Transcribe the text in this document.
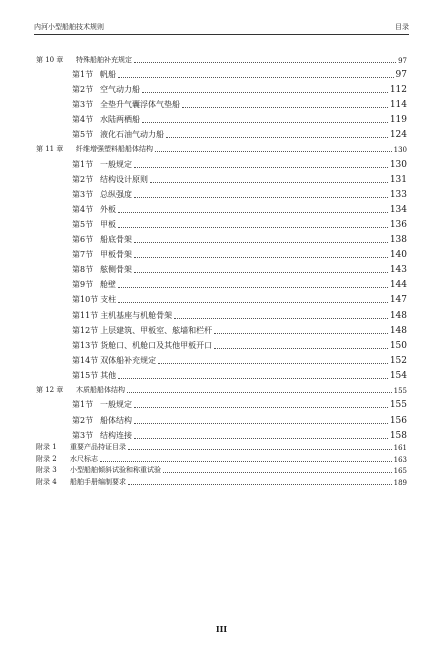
内河小型船舶技术规则	目录
第 10 章	特殊船舶补充规定	97
第1节 帆船	97
第2节 空气动力船	112
第3节 全垫升气囊浮体气垫船	114
第4节 水陆两栖船	119
第5节 液化石油气动力船	124
第 11 章	纤维增强塑料船船体结构	130
第1节 一般规定	130
第2节 结构设计原则	131
第3节 总纵强度	133
第4节 外板	134
第5节 甲板	136
第6节 船底骨架	138
第7节 甲板骨架	140
第8节 舷侧骨架	143
第9节 舱壁	144
第10节 支柱	147
第11节 主机基座与机舱骨架	148
第12节 上层建筑、甲板室、舷墙和栏杆	148
第13节 货舱口、机舱口及其他甲板开口	150
第14节 双体船补充规定	152
第15节 其他	154
第 12 章	木质船船体结构	155
第1节 一般规定	155
第2节 船体结构	156
第3节 结构连接	158
附录 1	重要产品持证目录	161
附录 2	水尺标志	163
附录 3	小型船舶倾斜试验和称重试验	165
附录 4	船舶手册编制要求	189
III
